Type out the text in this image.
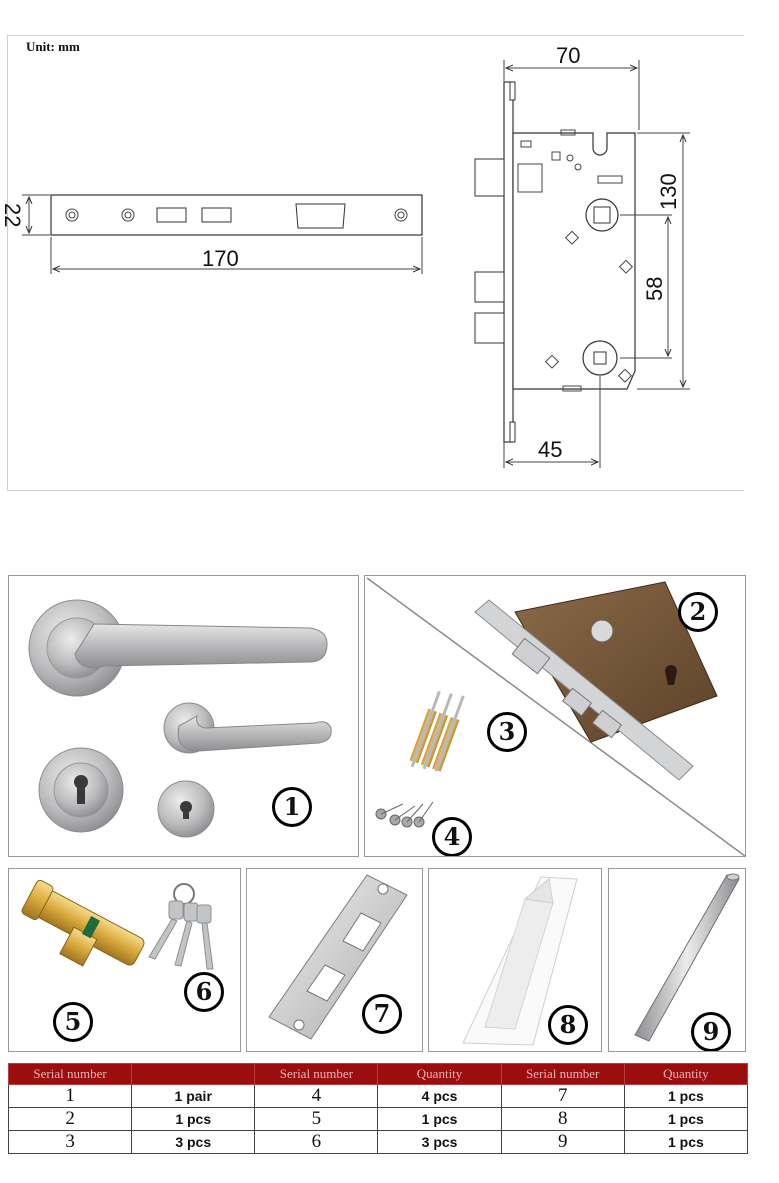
Unit: mm
170
22
70
130
58
45
1
2
3
4
5
6
7	8	9
Serial number		Serial number	Quantity	Serial number	Quantity
1	1 pair	4	4 pcs	7	1 pcs
2	1 pcs	5	1 pcs	8	1 pcs
3	3 pcs	6	3 pcs	9	1 pcs
